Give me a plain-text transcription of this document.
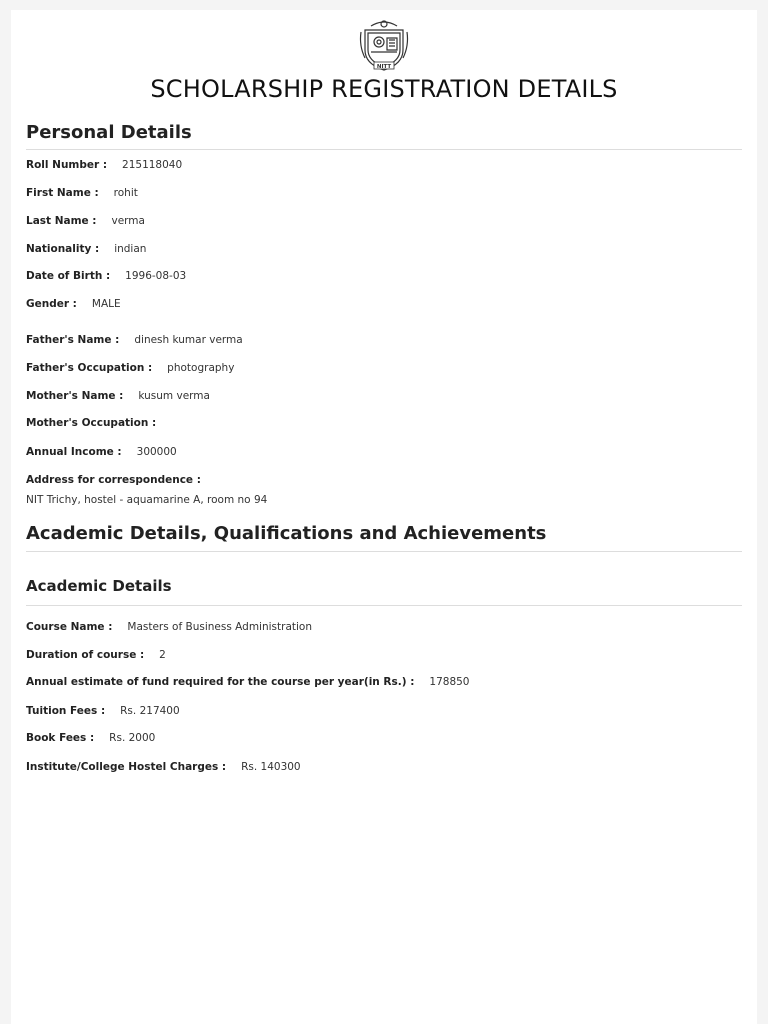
NITT
SCHOLARSHIP REGISTRATION DETAILS
Personal Details
Roll Number : 215118040
First Name : rohit
Last Name : verma
Nationality : indian
Date of Birth : 1996-08-03
Gender : MALE
Father's Name : dinesh kumar verma
Father's Occupation : photography
Mother's Name : kusum verma
Mother's Occupation :
Annual Income : 300000
Address for correspondence :
NIT Trichy, hostel - aquamarine A, room no 94
Academic Details, Qualifications and Achievements
Academic Details
Course Name : Masters of Business Administration
Duration of course : 2
Annual estimate of fund required for the course per year(in Rs.) : 178850
Tuition Fees : Rs. 217400
Book Fees : Rs. 2000
Institute/College Hostel Charges : Rs. 140300
